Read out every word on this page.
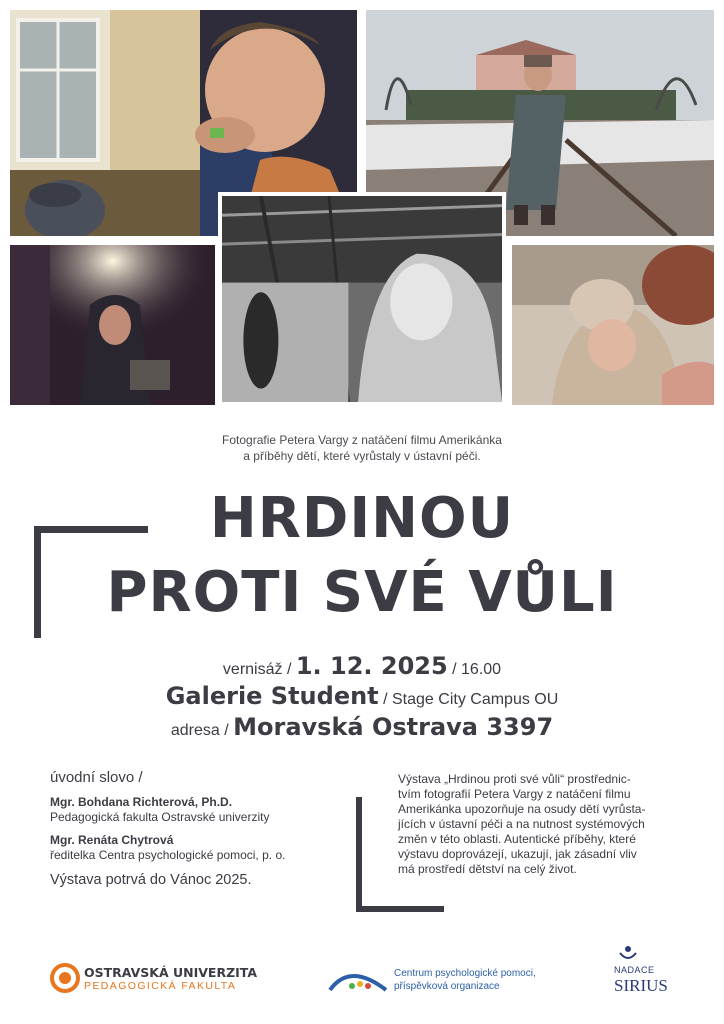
Fotografie Petera Vargy z natáčení filmu Amerikánka
a příběhy dětí, které vyrůstaly v ústavní péči.
HRDINOU
PROTI SVÉ VŮLI
vernisáž / 1. 12. 2025 / 16.00
Galerie Student / Stage City Campus OU
adresa / Moravská Ostrava 3397
úvodní slovo /
Mgr. Bohdana Richterová, Ph.D.
Pedagogická fakulta Ostravské univerzity
Mgr. Renáta Chytrová
ředitelka Centra psychologické pomoci, p. o.
Výstava potrvá do Vánoc 2025.
Výstava „Hrdinou proti své vůli“ prostřednic-
tvím fotografií Petera Vargy z natáčení filmu
Amerikánka upozorňuje na osudy dětí vyrůsta-
jících v ústavní péči a na nutnost systémových
změn v této oblasti. Autentické příběhy, které
výstavu doprovázejí, ukazují, jak zásadní vliv
má prostředí dětství na celý život.
OSTRAVSKÁ UNIVERZITA
PEDAGOGICKÁ FAKULTA
Centrum psychologické pomoci,
příspěvková organizace
NADACE
SIRIUS
